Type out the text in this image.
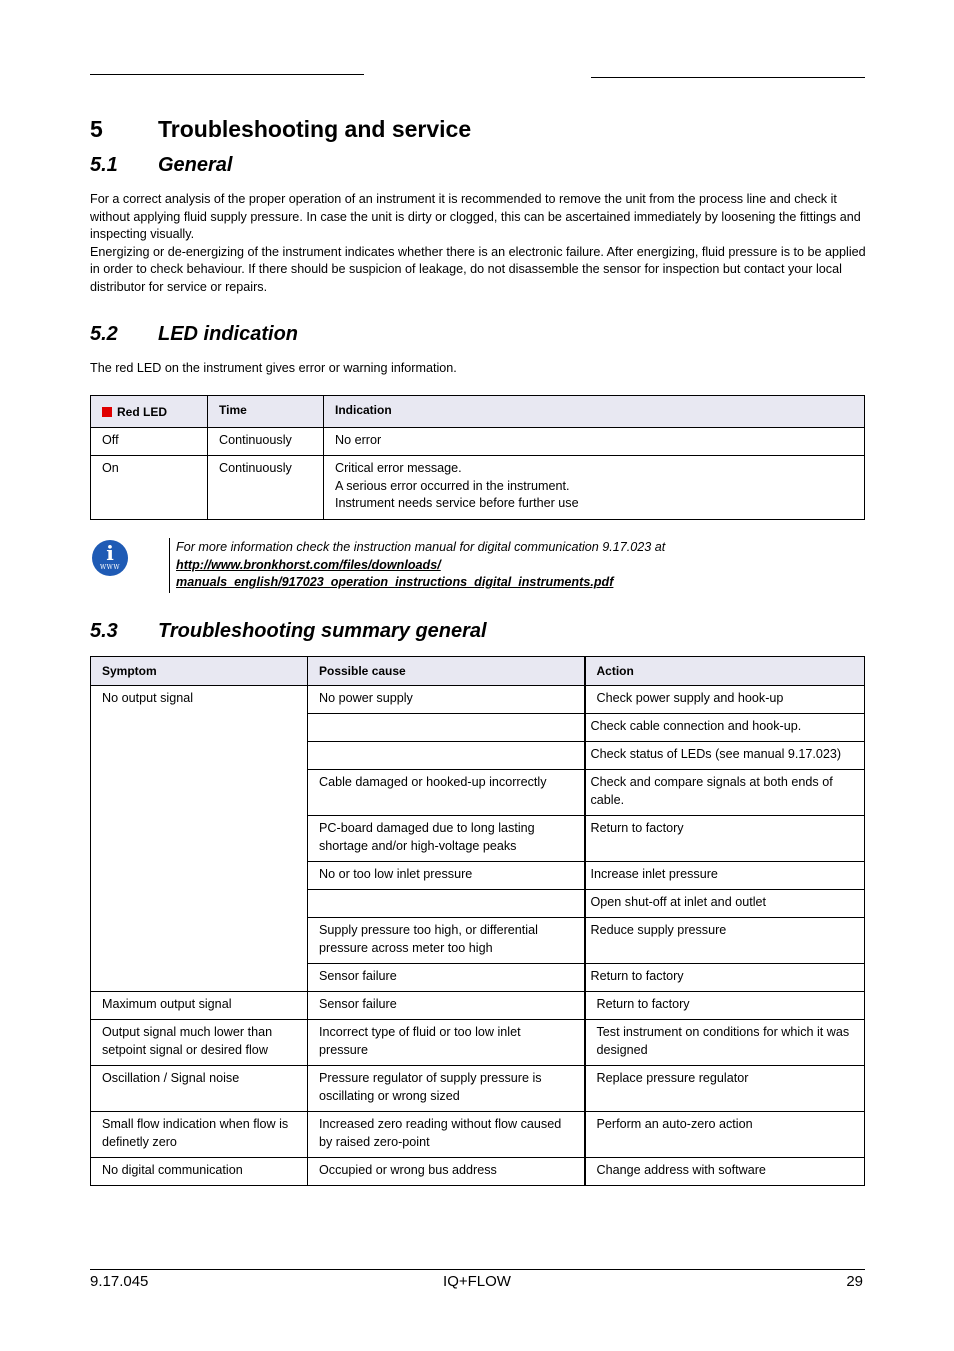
5 Troubleshooting and service
5.1 General

For a correct analysis of the proper operation of an instrument it is recommended to remove the unit from the process line and check it without applying fluid supply pressure. In case the unit is dirty or clogged, this can be ascertained immediately by loosening the fittings and inspecting visually.

Energizing or de-energizing of the instrument indicates whether there is an electronic failure. After energizing, fluid pressure is to be applied in order to check behaviour. If there should be suspicion of leakage, do not disassemble the sensor for inspection but contact your local distributor for service or repairs.

5.2 LED indication
The red LED on the instrument gives error or warning information.
Red LED	Time	Indication
Off	Continuously	No error
On	Continuously	Critical error message.
A serious error occurred in the instrument.
Instrument needs service before further use
i
WWW
For more information check the instruction manual for digital communication 9.17.023 at
http://www.bronkhorst.com/files/downloads/
manuals_english/917023_operation_instructions_digital_instruments.pdf
5.3 Troubleshooting summary general
Symptom	Possible cause	Action
No output signal	No power supply	Check power supply and hook-up
		Check cable connection and hook-up.
		Check status of LEDs (see manual 9.17.023)
	Cable damaged or hooked-up incorrectly	Check and compare signals at both ends of cable.
	PC-board damaged due to long lasting shortage and/or high-voltage peaks	Return to factory
	No or too low inlet pressure	Increase inlet pressure
		Open shut-off at inlet and outlet
	Supply pressure too high, or differential pressure across meter too high	Reduce supply pressure
	Sensor failure	Return to factory
Maximum output signal	Sensor failure	Return to factory
Output signal much lower than setpoint signal or desired flow	Incorrect type of fluid or too low inlet pressure	Test instrument on conditions for which it was designed
Oscillation / Signal noise	Pressure regulator of supply pressure is oscillating or wrong sized	Replace pressure regulator
Small flow indication when flow is definetly zero	Increased zero reading without flow caused by raised zero-point	Perform an auto-zero action
No digital communication	Occupied or wrong bus address	Change address with software
9.17.045	IQ+FLOW	29
